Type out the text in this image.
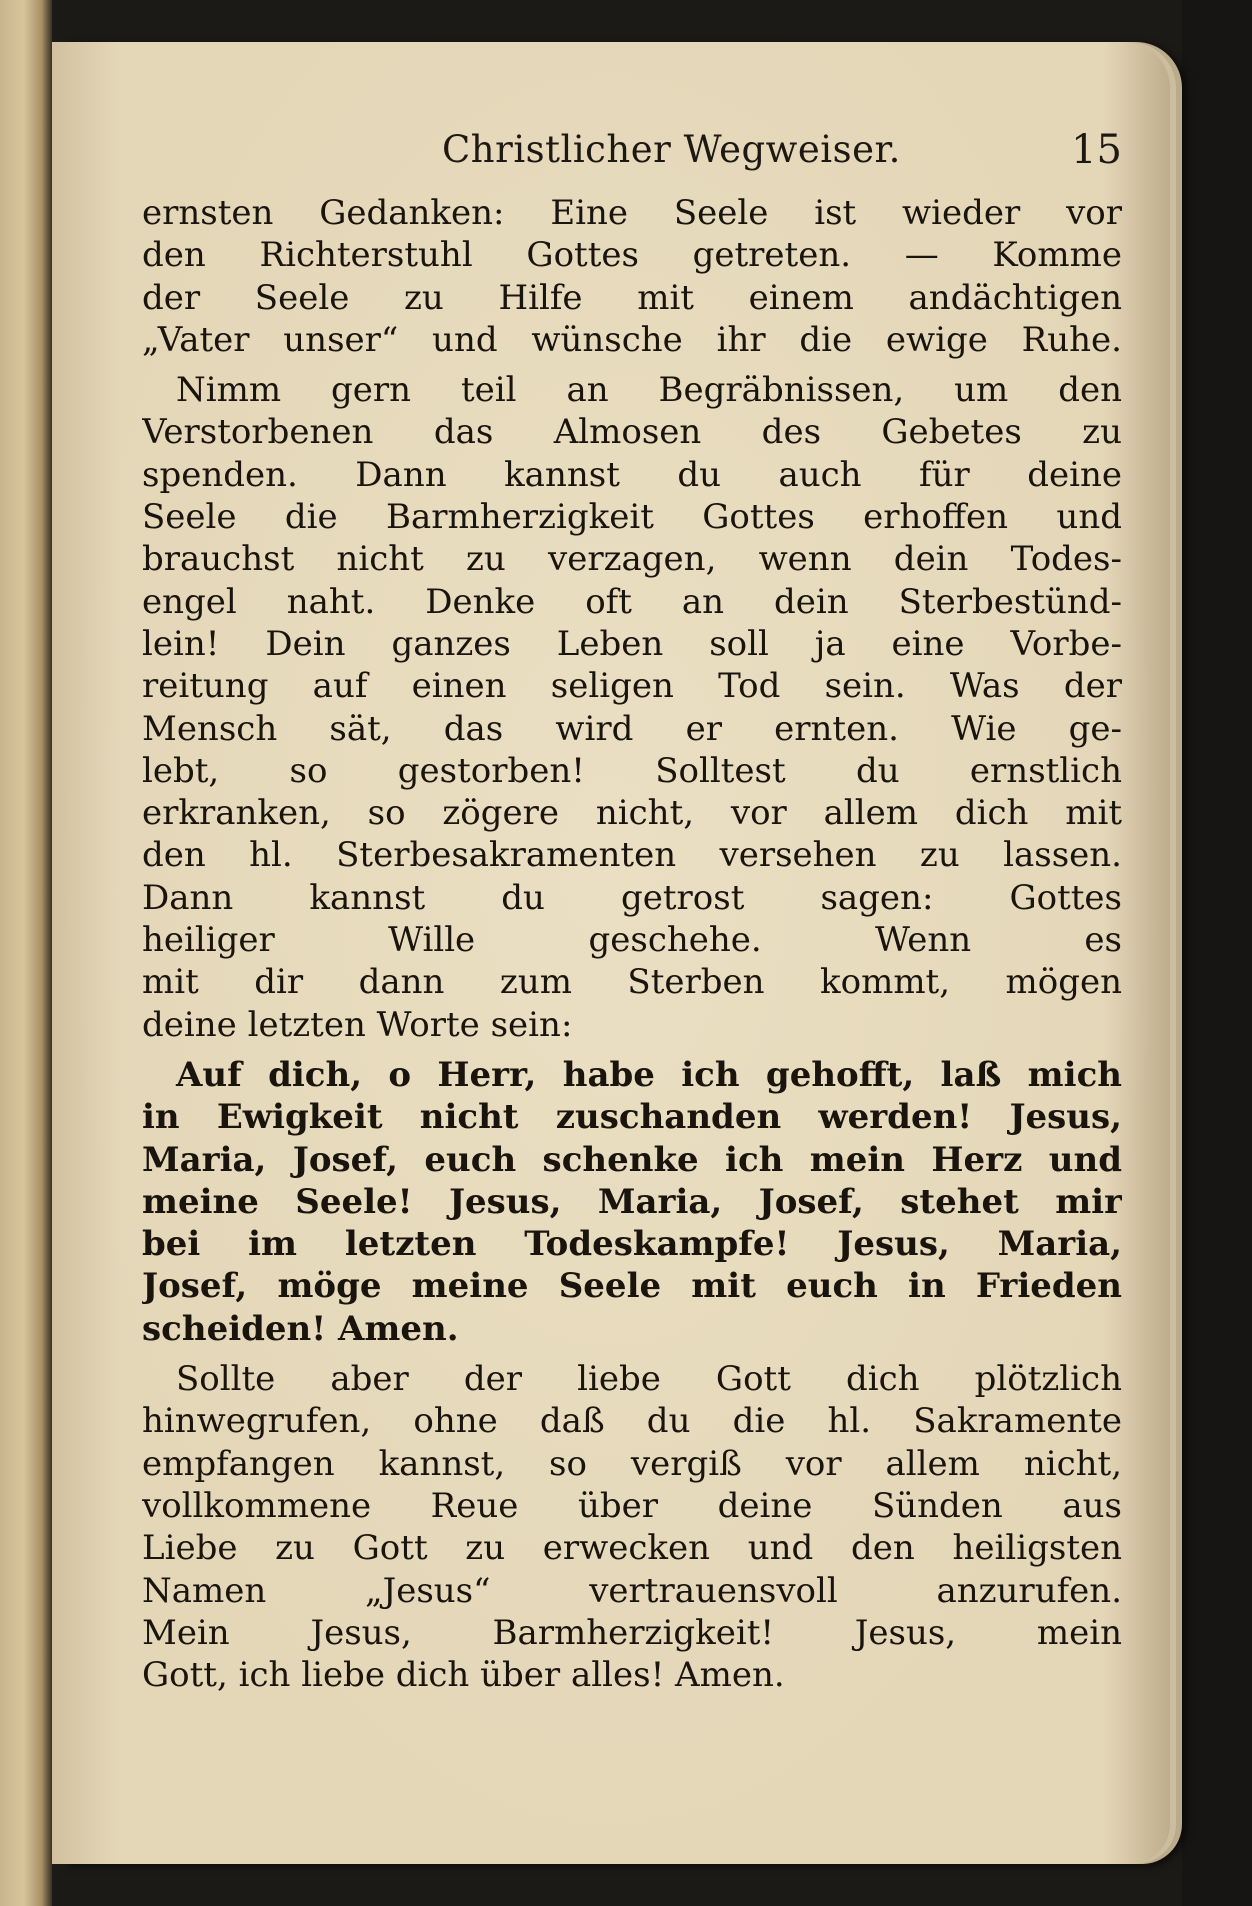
Christlicher Wegweiser.	15
ernsten Gedanken: Eine Seele ist wieder vor
den Richterstuhl Gottes getreten. — Komme
der Seele zu Hilfe mit einem andächtigen
„Vater unser“ und wünsche ihr die ewige Ruhe.
Nimm gern teil an Begräbnissen, um den
Verstorbenen das Almosen des Gebetes zu
spenden. Dann kannst du auch für deine
Seele die Barmherzigkeit Gottes erhoffen und
brauchst nicht zu verzagen, wenn dein Todes-
engel naht. Denke oft an dein Sterbestünd-
lein! Dein ganzes Leben soll ja eine Vorbe-
reitung auf einen seligen Tod sein. Was der
Mensch sät, das wird er ernten. Wie ge-
lebt, so gestorben! Solltest du ernstlich
erkranken, so zögere nicht, vor allem dich mit
den hl. Sterbesakramenten versehen zu lassen.
Dann kannst du getrost sagen: Gottes
heiliger Wille geschehe. Wenn es
mit dir dann zum Sterben kommt, mögen
deine letzten Worte sein:
Auf dich, o Herr, habe ich gehofft, laß mich
in Ewigkeit nicht zuschanden werden! Jesus,
Maria, Josef, euch schenke ich mein Herz und
meine Seele! Jesus, Maria, Josef, stehet mir
bei im letzten Todeskampfe! Jesus, Maria,
Josef, möge meine Seele mit euch in Frieden
scheiden! Amen.
Sollte aber der liebe Gott dich plötzlich
hinwegrufen, ohne daß du die hl. Sakramente
empfangen kannst, so vergiß vor allem nicht,
vollkommene Reue über deine Sünden aus
Liebe zu Gott zu erwecken und den heiligsten
Namen „Jesus“ vertrauensvoll anzurufen.
Mein Jesus, Barmherzigkeit! Jesus, mein
Gott, ich liebe dich über alles! Amen.
